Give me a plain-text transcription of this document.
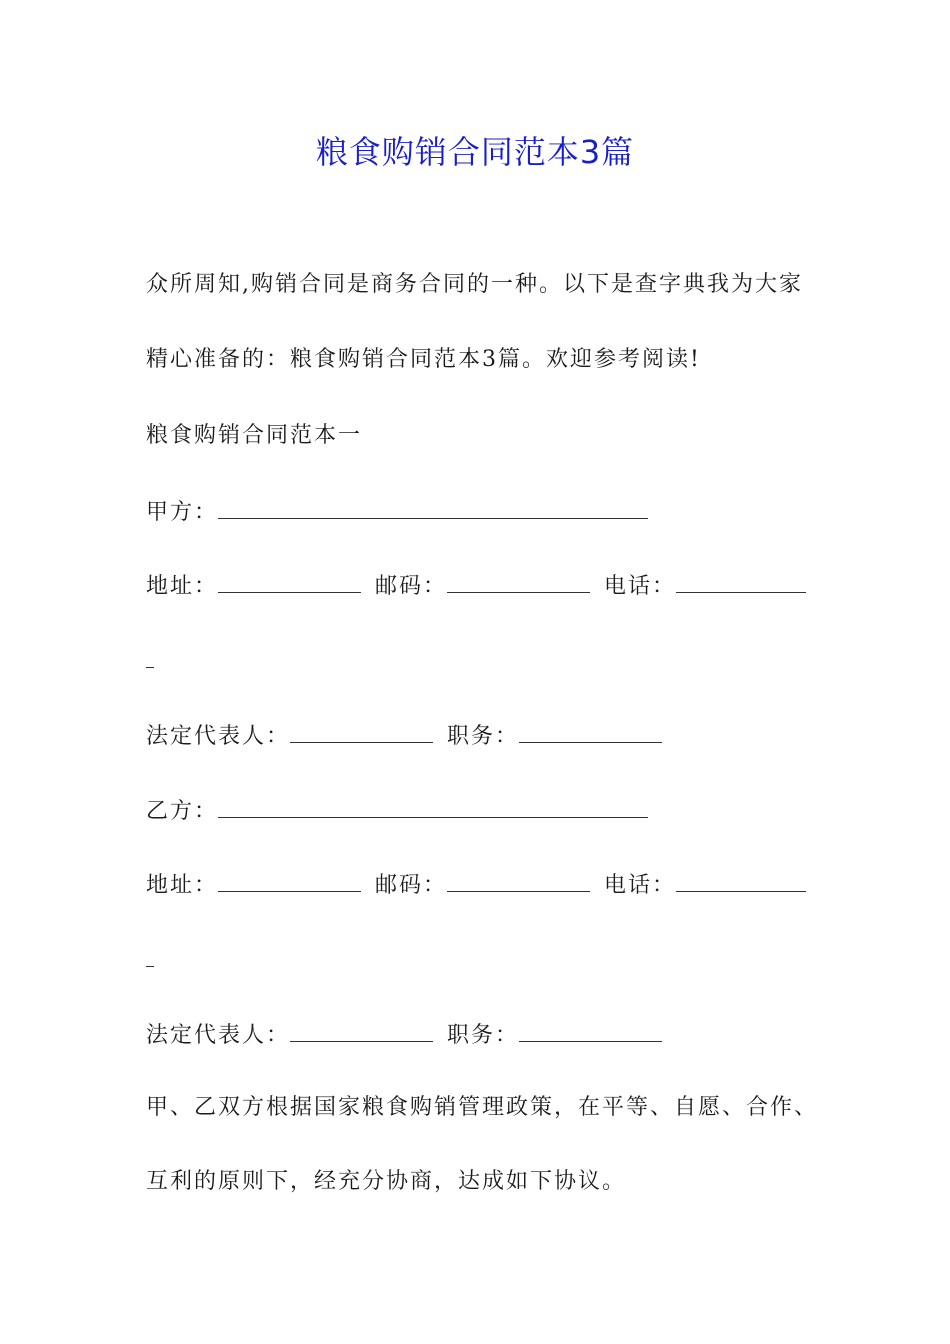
粮食购销合同范本3篇
众所周知,购销合同是商务合同的一种。以下是查字典我为大家
精心准备的：粮食购销合同范本3篇。欢迎参考阅读!
粮食购销合同范本一
甲方：
地址：	邮码：	电话：
法定代表人：	职务：
乙方：
地址：	邮码：	电话：
法定代表人：	职务：
甲、乙双方根据国家粮食购销管理政策，在平等、自愿、合作、
互利的原则下，经充分协商，达成如下协议。
